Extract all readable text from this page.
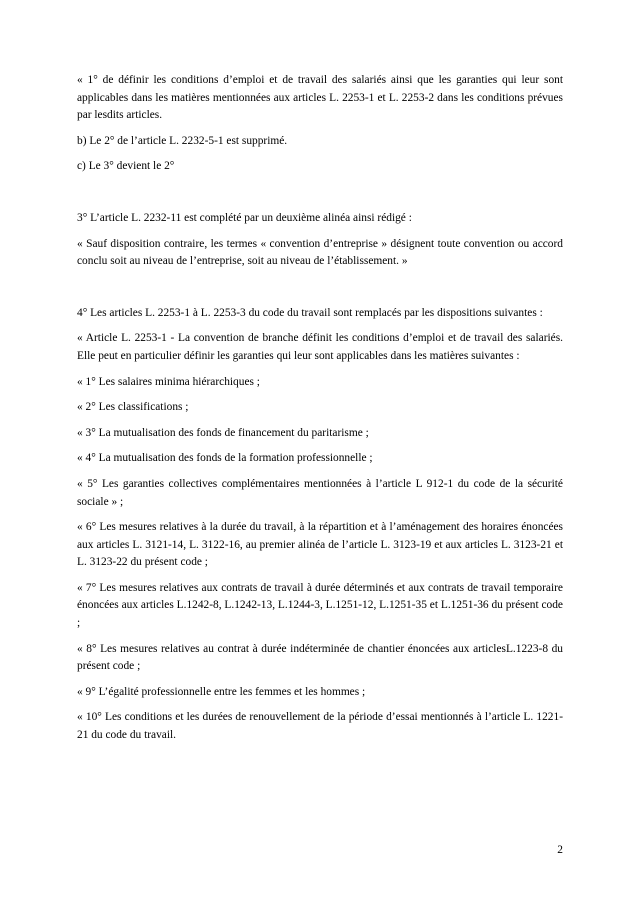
« 1° de définir les conditions d’emploi et de travail des salariés ainsi que les garanties qui leur sont applicables dans les matières mentionnées aux articles L. 2253-1 et L. 2253-2 dans les conditions prévues par lesdits articles.

b) Le 2° de l’article L. 2232-5-1 est supprimé.

c) Le 3° devient le 2°

3° L’article L. 2232-11 est complété par un deuxième alinéa ainsi rédigé :

« Sauf disposition contraire, les termes « convention d’entreprise » désignent toute convention ou accord conclu soit au niveau de l’entreprise, soit au niveau de l’établissement. »

4° Les articles L. 2253-1 à L. 2253-3 du code du travail sont remplacés par les dispositions suivantes :

« Article L. 2253-1 - La convention de branche définit les conditions d’emploi et de travail des salariés. Elle peut en particulier définir les garanties qui leur sont applicables dans les matières suivantes :

« 1° Les salaires minima hiérarchiques ;

« 2° Les classifications ;

« 3° La mutualisation des fonds de financement du paritarisme ;

« 4° La mutualisation des fonds de la formation professionnelle ;

« 5° Les garanties collectives complémentaires mentionnées à l’article L 912-1 du code de la sécurité sociale » ;

« 6° Les mesures relatives à la durée du travail, à la répartition et à l’aménagement des horaires énoncées aux articles L. 3121-14, L. 3122-16, au premier alinéa de l’article L. 3123-19 et aux articles L. 3123-21 et L. 3123-22 du présent code ;

« 7° Les mesures relatives aux contrats de travail à durée déterminés et aux contrats de travail temporaire énoncées aux articles L.1242-8, L.1242-13, L.1244-3, L.1251-12, L.1251-35 et L.1251-36 du présent code ;

« 8° Les mesures relatives au contrat à durée indéterminée de chantier énoncées aux articlesL.1223-8 du présent code ;

« 9° L’égalité professionnelle entre les femmes et les hommes ;

« 10° Les conditions et les durées de renouvellement de la période d’essai mentionnés à l’article L. 1221-21 du code du travail.

2
